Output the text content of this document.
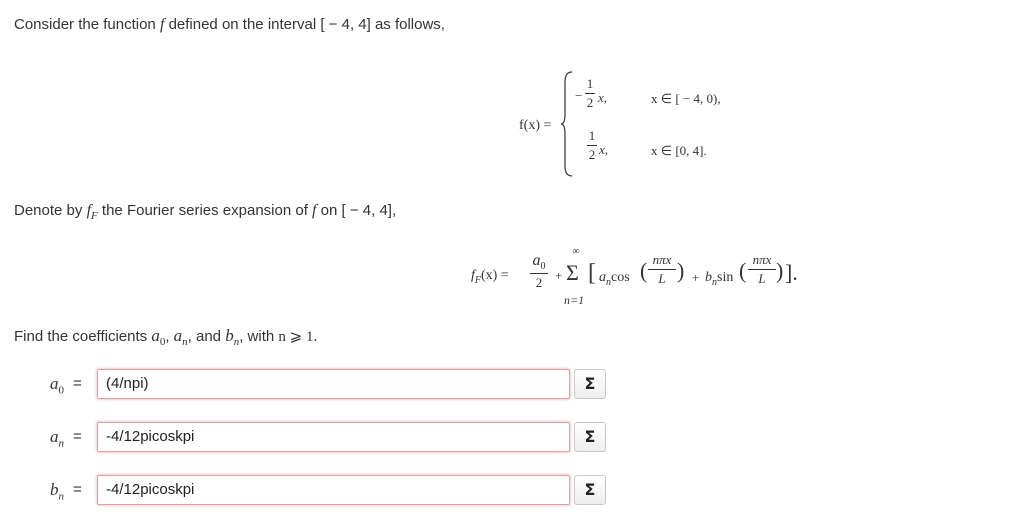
Consider the function f defined on the interval [ − 4, 4] as follows,
f(x) =
−
1
2 x,	x ∈ [ − 4, 0),
1
2 x,	x ∈ [0, 4].
Denote by $f_F$ the Fourier series expansion of f on [ − 4, 4],
$f_F(x)$ =
$a_0$
2 +
∞
Σ
n=1
[ $a_n\cos$ ( nπx
L ) + $b_n\sin$ ( nπx
L ) ].
Find the coefficients $a_0$, $a_n$, and $b_n$, with n ⩾ 1.
$a_0$ =	(4/npi)	Σ
$a_n$ =	-4/12picoskpi	Σ
$b_n$ =	-4/12picoskpi	Σ
